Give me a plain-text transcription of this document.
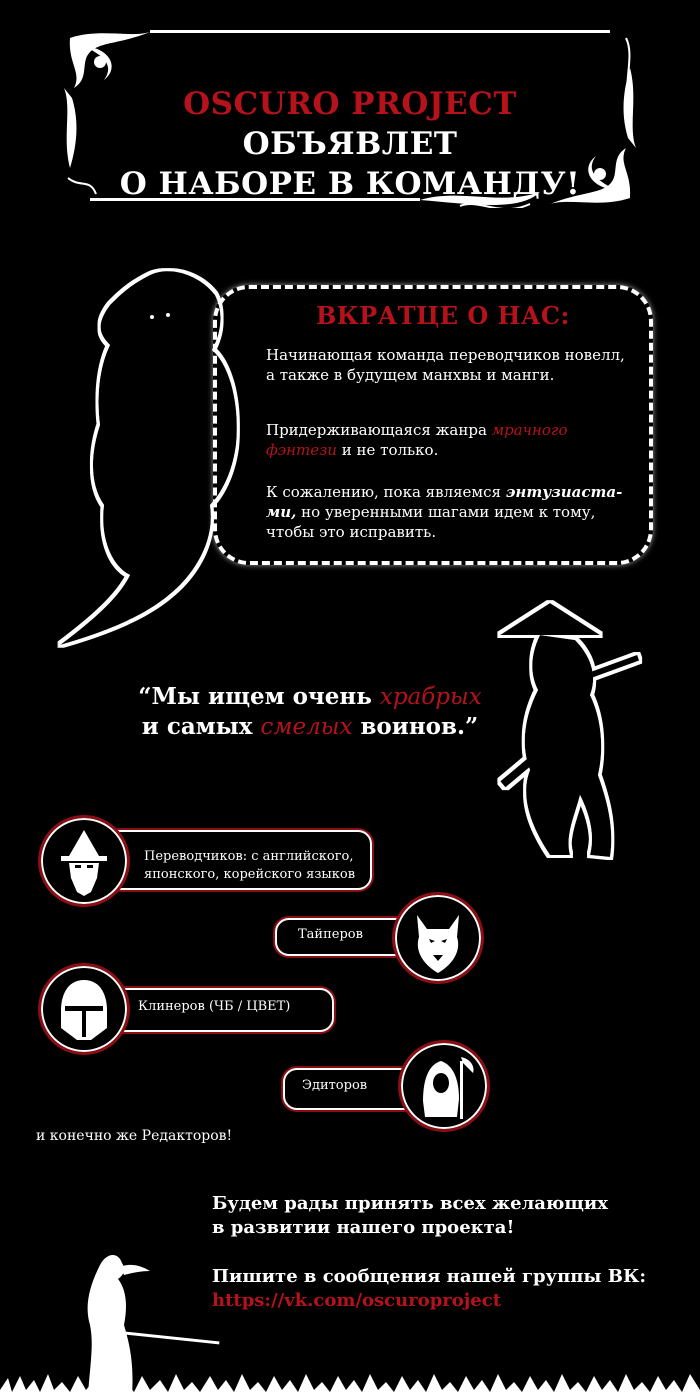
OSCURO PROJECT ОБЪЯВЛЕТ
О НАБОРЕ В КОМАНДУ!
ВКРАТЦЕ О НАС:
Начинающая команда переводчиков новелл, а также в будущем манхвы и манги.
Придерживающаяся жанра мрачного
фэнтези и не только.
К сожалению, пока являемся энтузиаста-
ми, но уверенными шагами идем к тому, чтобы это исправить.
“Мы ищем очень храбрых
и самых смелых воинов.”
Переводчиков: с английского,
японского, корейского языков
Тайперов
Клинеров (ЧБ / ЦВЕТ)
Эдиторов
и конечно же Редакторов!
Будем рады принять всех желающих
в развитии нашего проекта!
Пишите в сообщения нашей группы ВК:
https://vk.com/oscuroproject
